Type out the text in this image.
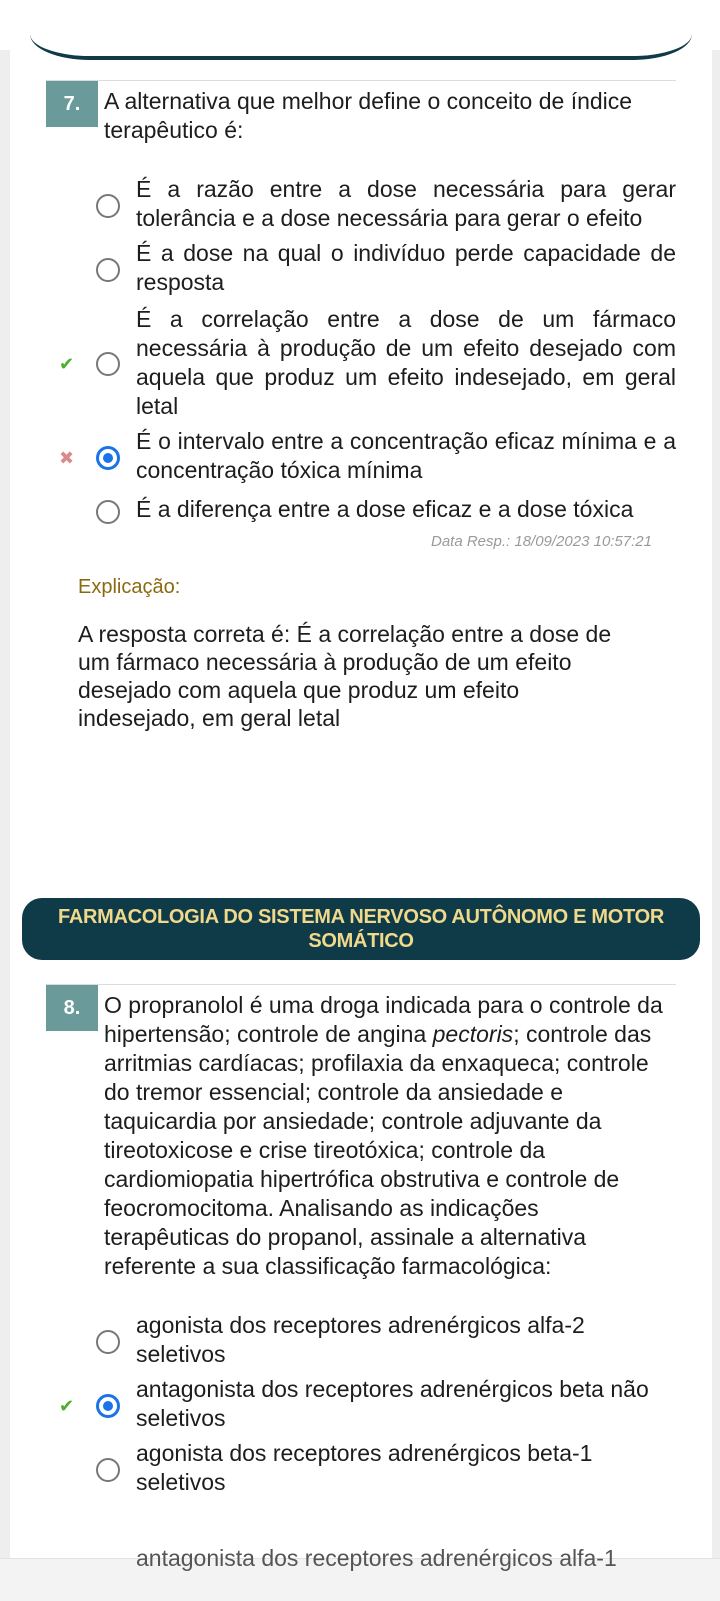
7.	A alternativa que melhor define o conceito de índice terapêutico é:
É a razão entre a dose necessária para gerar tolerância e a dose necessária para gerar o efeito
É a dose na qual o indivíduo perde capacidade de resposta
✔
É a correlação entre a dose de um fármaco necessária à produção de um efeito desejado com aquela que produz um efeito indesejado, em geral letal
✖
É o intervalo entre a concentração eficaz mínima e a concentração tóxica mínima
É a diferença entre a dose eficaz e a dose tóxica
Data Resp.: 18/09/2023 10:57:21
Explicação:
A resposta correta é: É a correlação entre a dose de um fármaco necessária à produção de um efeito desejado com aquela que produz um efeito indesejado, em geral letal
FARMACOLOGIA DO SISTEMA NERVOSO AUTÔNOMO E MOTOR SOMÁTICO
8.	O propranolol é uma droga indicada para o controle da hipertensão; controle de angina pectoris; controle das arritmias cardíacas; profilaxia da enxaqueca; controle do tremor essencial; controle da ansiedade e taquicardia por ansiedade; controle adjuvante da tireotoxicose e crise tireotóxica; controle da cardiomiopatia hipertrófica obstrutiva e controle de feocromocitoma. Analisando as indicações terapêuticas do propanol, assinale a alternativa referente a sua classificação farmacológica:
agonista dos receptores adrenérgicos alfa-2 seletivos
✔
antagonista dos receptores adrenérgicos beta não seletivos
agonista dos receptores adrenérgicos beta-1 seletivos
